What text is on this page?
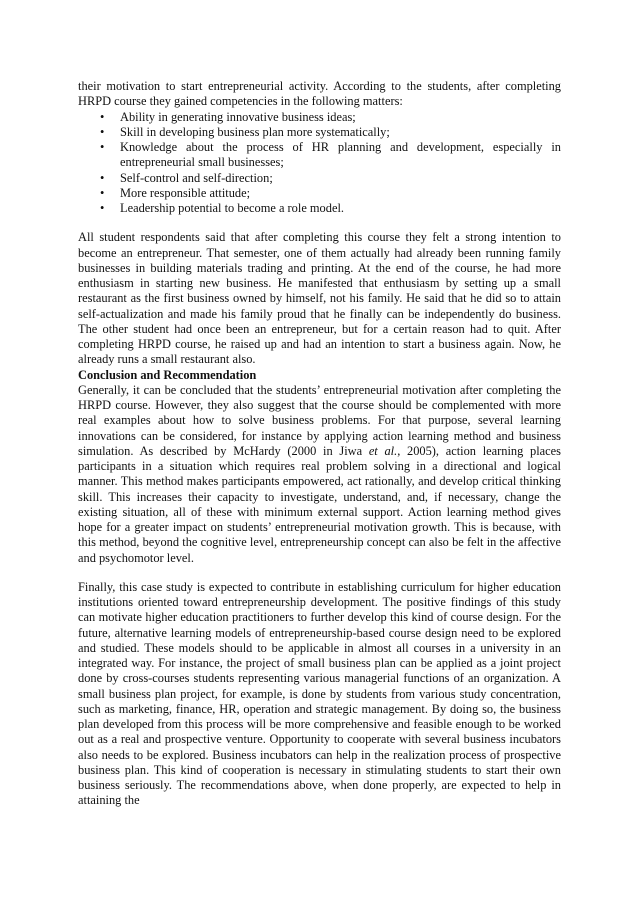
their motivation to start entrepreneurial activity. According to the students, after completing HRPD course they gained competencies in the following matters:

• Ability in generating innovative business ideas;
• Skill in developing business plan more systematically;
• Knowledge about the process of HR planning and development, especially in entrepreneurial small businesses;
• Self-control and self-direction;
• More responsible attitude;
• Leadership potential to become a role model.

All student respondents said that after completing this course they felt a strong intention to become an entrepreneur. That semester, one of them actually had already been running family businesses in building materials trading and printing. At the end of the course, he had more enthusiasm in starting new business. He manifested that enthusiasm by setting up a small restaurant as the first business owned by himself, not his family. He said that he did so to attain self-actualization and made his family proud that he finally can be independently do business. The other student had once been an entrepreneur, but for a certain reason had to quit. After completing HRPD course, he raised up and had an intention to start a business again. Now, he already runs a small restaurant also.

Conclusion and Recommendation

Generally, it can be concluded that the students’ entrepreneurial motivation after completing the HRPD course. However, they also suggest that the course should be complemented with more real examples about how to solve business problems. For that purpose, several learning innovations can be considered, for instance by applying action learning method and business simulation. As described by McHardy (2000 in Jiwa et al., 2005), action learning places participants in a situation which requires real problem solving in a directional and logical manner. This method makes participants empowered, act rationally, and develop critical thinking skill. This increases their capacity to investigate, understand, and, if necessary, change the existing situation, all of these with minimum external support. Action learning method gives hope for a greater impact on students’ entrepreneurial motivation growth. This is because, with this method, beyond the cognitive level, entrepreneurship concept can also be felt in the affective and psychomotor level.

Finally, this case study is expected to contribute in establishing curriculum for higher education institutions oriented toward entrepreneurship development. The positive findings of this study can motivate higher education practitioners to further develop this kind of course design. For the future, alternative learning models of entrepreneurship-based course design need to be explored and studied. These models should to be applicable in almost all courses in a university in an integrated way. For instance, the project of small business plan can be applied as a joint project done by cross-courses students representing various managerial functions of an organization. A small business plan project, for example, is done by students from various study concentration, such as marketing, finance, HR, operation and strategic management. By doing so, the business plan developed from this process will be more comprehensive and feasible enough to be worked out as a real and prospective venture. Opportunity to cooperate with several business incubators also needs to be explored. Business incubators can help in the realization process of prospective business plan. This kind of cooperation is necessary in stimulating students to start their own business seriously. The recommendations above, when done properly, are expected to help in attaining the
